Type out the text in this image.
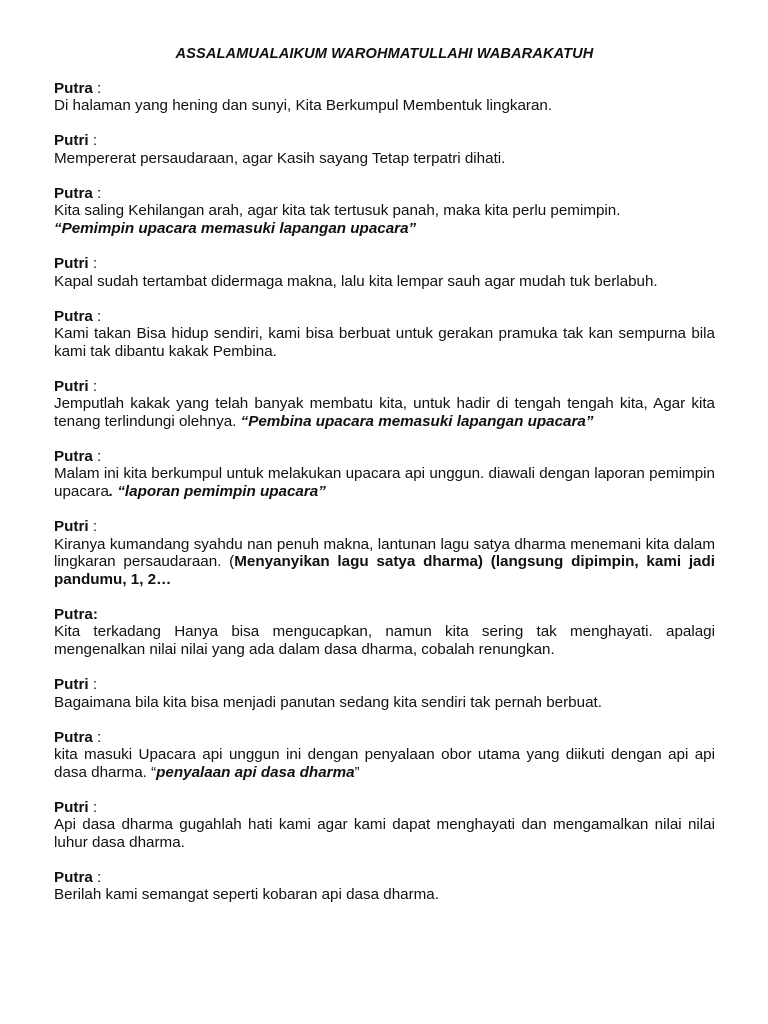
ASSALAMUALAIKUM WAROHMATULLAHI WABARAKATUH
Putra :
Di halaman yang hening dan sunyi, Kita Berkumpul Membentuk lingkaran.
Putri :
Mempererat persaudaraan, agar Kasih sayang Tetap terpatri dihati.
Putra :
Kita saling Kehilangan arah, agar kita tak tertusuk panah, maka kita perlu pemimpin.
“Pemimpin upacara memasuki lapangan upacara”
Putri :
Kapal sudah tertambat didermaga makna, lalu kita lempar sauh agar mudah tuk berlabuh.
Putra :
Kami takan Bisa hidup sendiri, kami bisa berbuat untuk gerakan pramuka tak kan sempurna bila kami tak dibantu kakak Pembina.
Putri :
Jemputlah kakak yang telah banyak membatu kita, untuk hadir di tengah tengah kita, Agar kita tenang terlindungi olehnya. “Pembina upacara memasuki lapangan upacara”
Putra :
Malam ini kita berkumpul untuk melakukan upacara api unggun. diawali dengan laporan pemimpin upacara. “laporan pemimpin upacara”
Putri :
Kiranya kumandang syahdu nan penuh makna, lantunan lagu satya dharma menemani kita dalam lingkaran persaudaraan. (Menyanyikan lagu satya dharma) (langsung dipimpin, kami jadi pandumu, 1, 2…
Putra:
Kita terkadang Hanya bisa mengucapkan, namun kita sering tak menghayati. apalagi mengenalkan nilai nilai yang ada dalam dasa dharma, cobalah renungkan.
Putri :
Bagaimana bila kita bisa menjadi panutan sedang kita sendiri tak pernah berbuat.
Putra :
kita masuki Upacara api unggun ini dengan penyalaan obor utama yang diikuti dengan api api dasa dharma. “penyalaan api dasa dharma”
Putri :
Api dasa dharma gugahlah hati kami agar kami dapat menghayati dan mengamalkan nilai nilai luhur dasa dharma.
Putra :
Berilah kami semangat seperti kobaran api dasa dharma.
